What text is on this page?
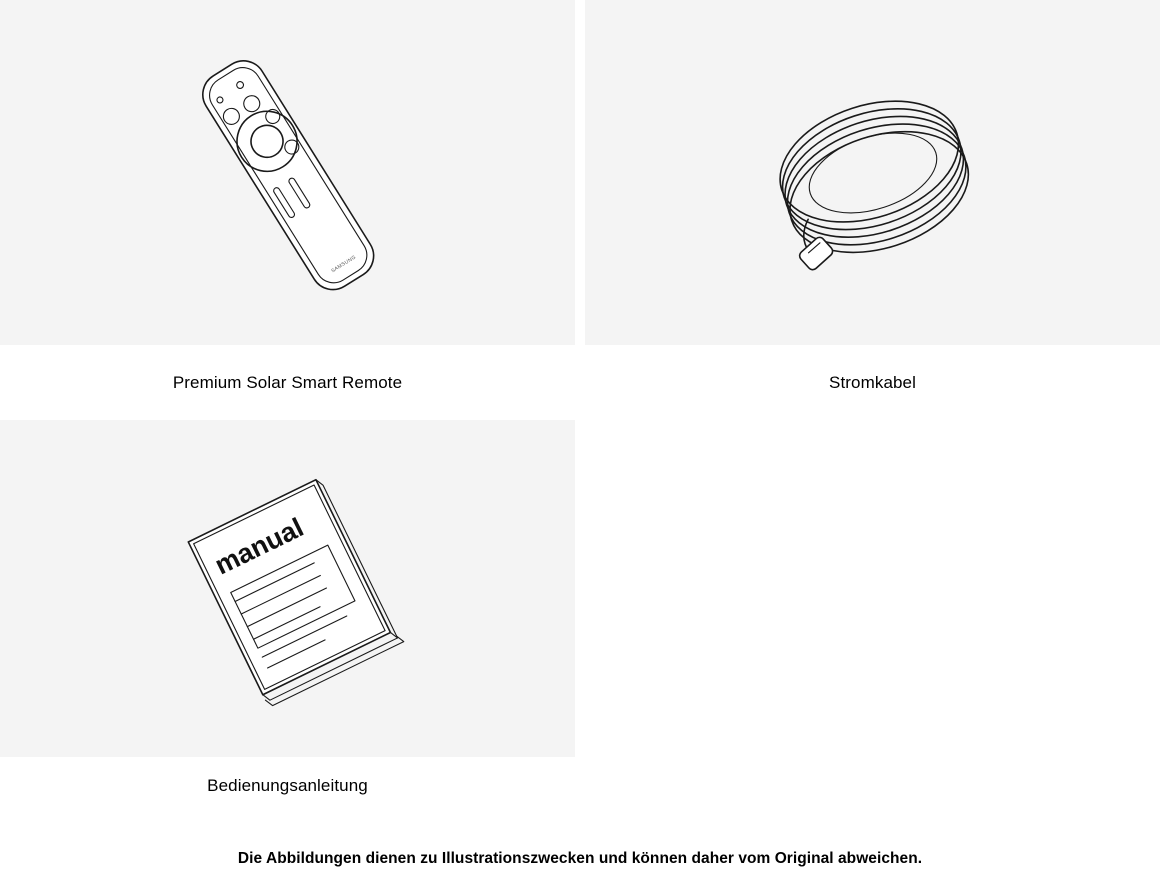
SAMSUNG
Premium Solar Smart Remote	Stromkabel
manual
Bedienungsanleitung
Die Abbildungen dienen zu Illustrationszwecken und können daher vom Original abweichen.
